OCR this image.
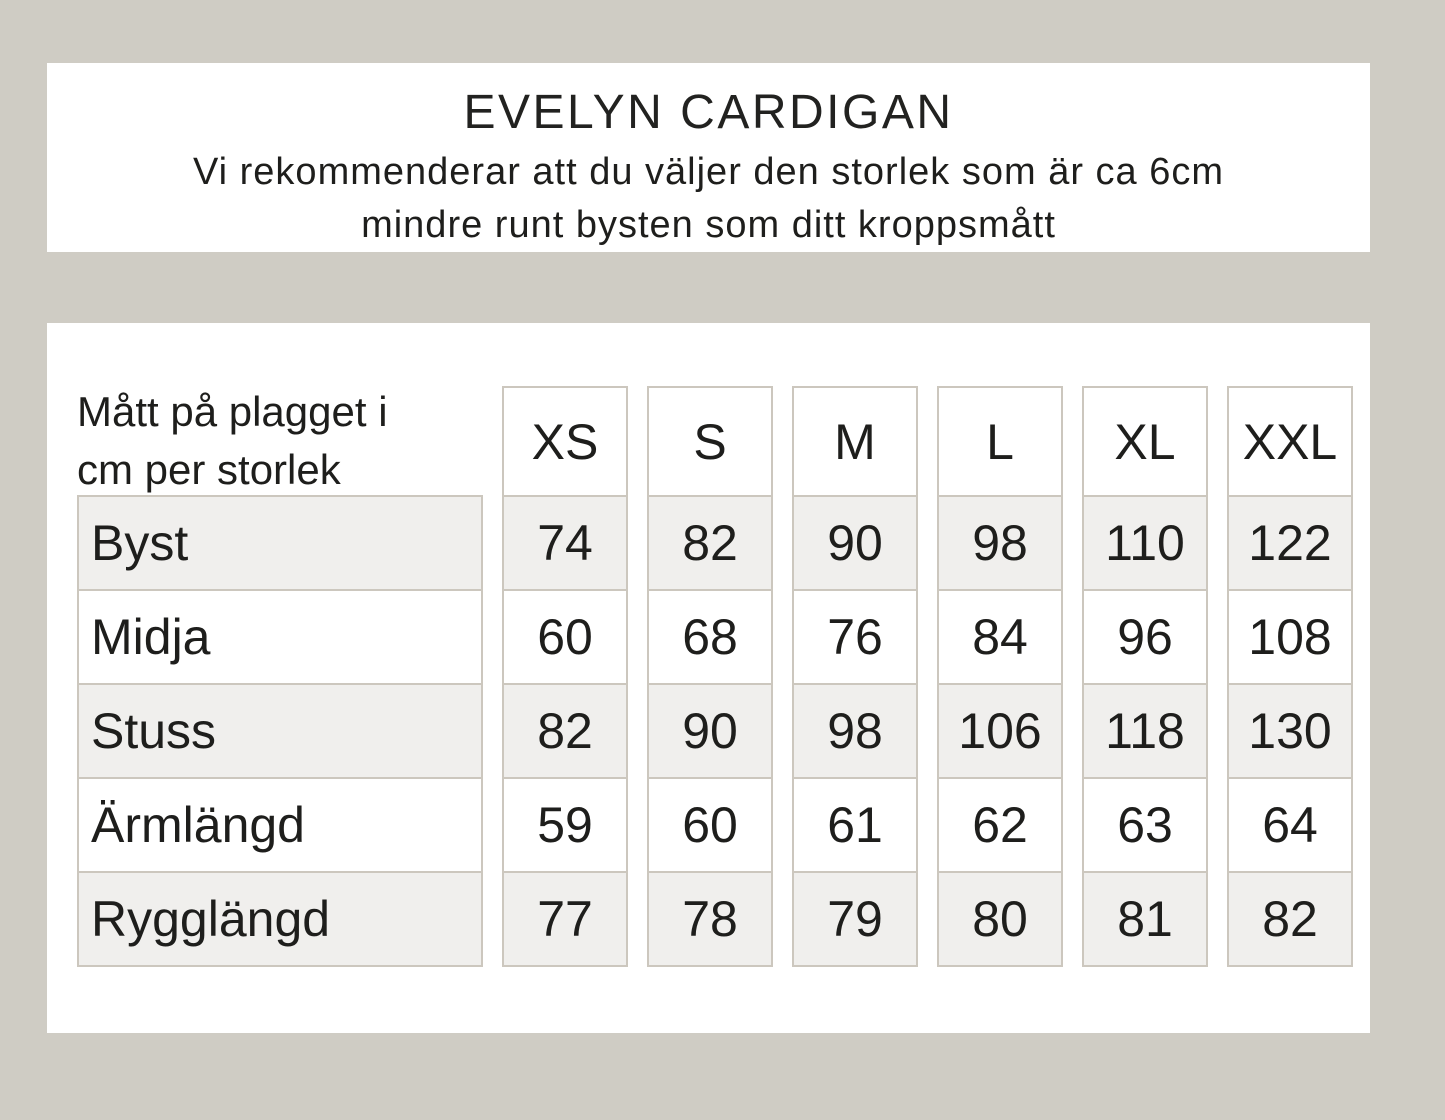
EVELYN CARDIGAN

Vi rekommenderar att du väljer den storlek som är ca 6cm

mindre runt bysten som ditt kroppsmått

Mått på plagget i
cm per storlek
Byst
Midja
Stuss
Ärmlängd
Rygglängd
XS
74
60
82
59
77
S
82
68
90
60
78
M
90
76
98
61
79
L
98
84
106
62
80
XL
110
96
118
63
81
XXL
122
108
130
64
82
